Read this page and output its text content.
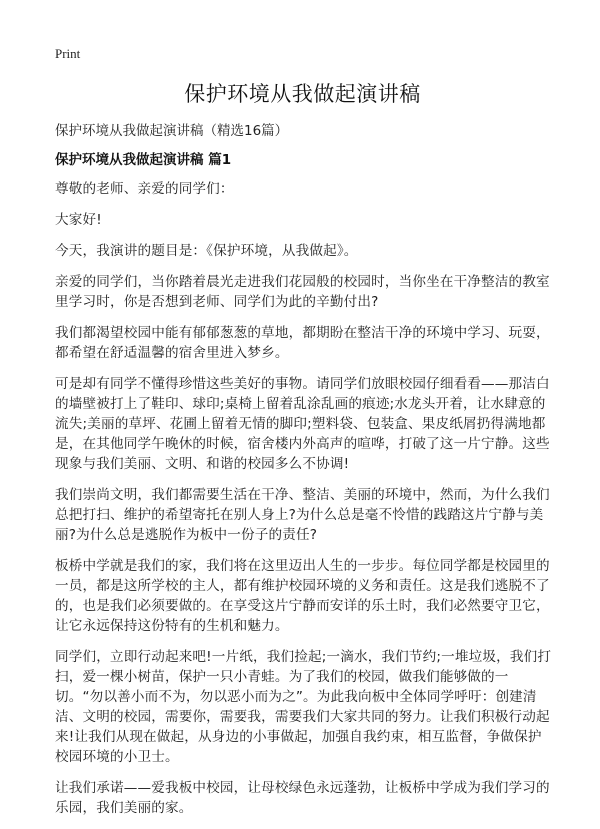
Print
保护环境从我做起演讲稿
保护环境从我做起演讲稿（精选16篇）
保护环境从我做起演讲稿 篇1

尊敬的老师、亲爱的同学们：

大家好!

今天，我演讲的题目是：《保护环境，从我做起》。

亲爱的同学们，当你踏着晨光走进我们花园般的校园时，当你坐在干净整洁的教室里学习时，你是否想到老师、同学们为此的辛勤付出?

我们都渴望校园中能有郁郁葱葱的草地，都期盼在整洁干净的环境中学习、玩耍，都希望在舒适温馨的宿舍里进入梦乡。

可是却有同学不懂得珍惜这些美好的事物。请同学们放眼校园仔细看看——那洁白的墙壁被打上了鞋印、球印;桌椅上留着乱涂乱画的痕迹;水龙头开着，让水肆意的流失;美丽的草坪、花圃上留着无情的脚印;塑料袋、包装盒、果皮纸屑扔得满地都是，在其他同学午晚休的时候，宿舍楼内外高声的喧哗，打破了这一片宁静。这些现象与我们美丽、文明、和谐的校园多么不协调!

我们崇尚文明，我们都需要生活在干净、整洁、美丽的环境中，然而，为什么我们总把打扫、维护的希望寄托在别人身上?为什么总是毫不怜惜的践踏这片宁静与美丽?为什么总是逃脱作为板中一份子的责任?

板桥中学就是我们的家，我们将在这里迈出人生的一步步。每位同学都是校园里的一员，都是这所学校的主人，都有维护校园环境的义务和责任。这是我们逃脱不了的，也是我们必须要做的。在享受这片宁静而安详的乐土时，我们必然要守卫它，让它永远保持这份特有的生机和魅力。

同学们，立即行动起来吧!一片纸，我们捡起;一滴水，我们节约;一堆垃圾，我们打扫，爱一棵小树苗，保护一只小青蛙。为了我们的校园，做我们能够做的一切。“勿以善小而不为，勿以恶小而为之”。为此我向板中全体同学呼吁：创建清洁、文明的校园，需要你，需要我，需要我们大家共同的努力。让我们积极行动起来!让我们从现在做起，从身边的小事做起，加强自我约束，相互监督，争做保护校园环境的小卫士。

让我们承诺——爱我板中校园，让母校绿色永远蓬勃，让板桥中学成为我们学习的乐园，我们美丽的家。
